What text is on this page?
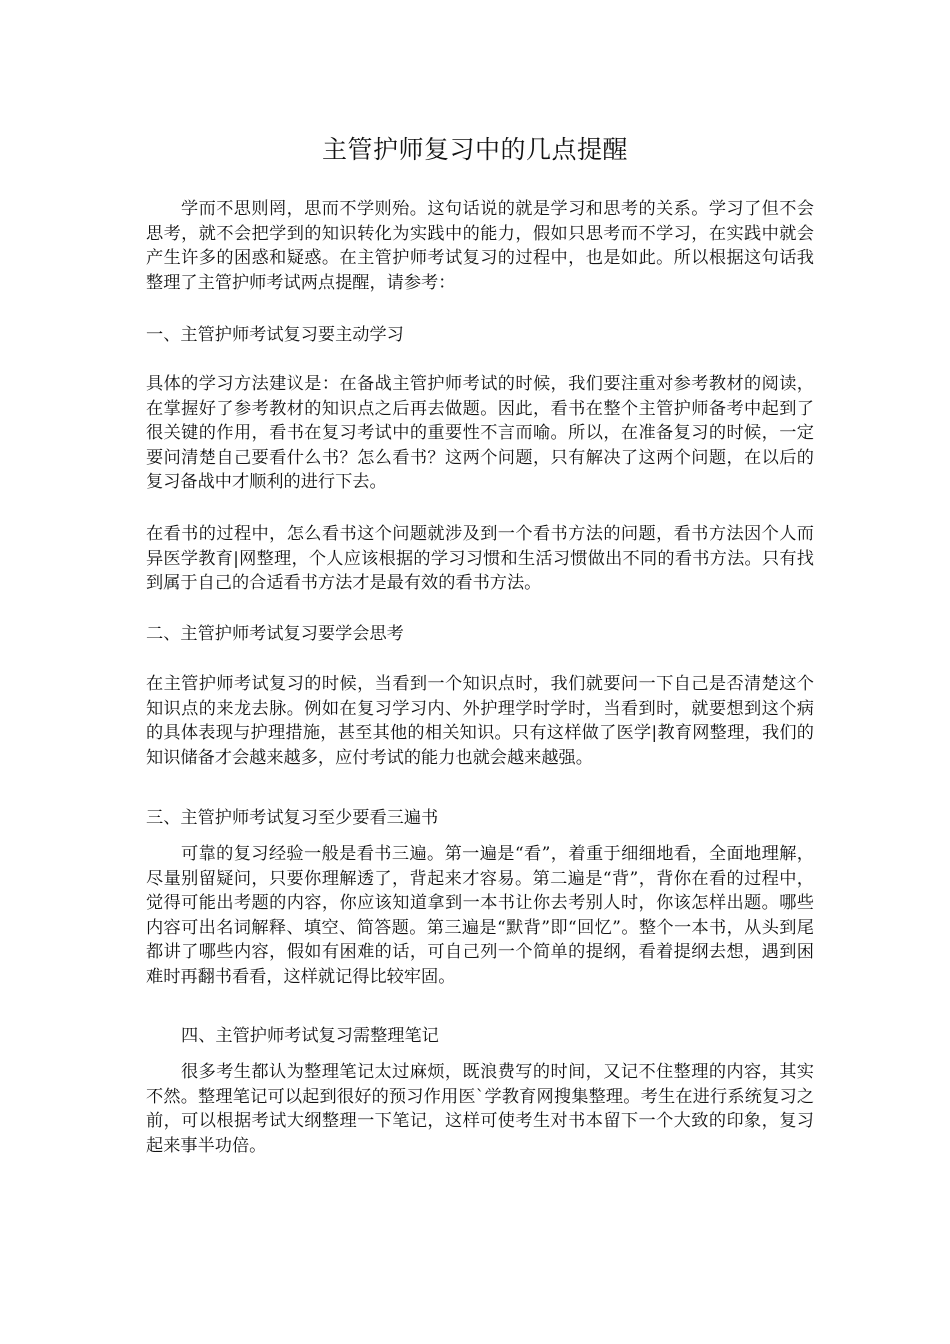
主管护师复习中的几点提醒

学而不思则罔，思而不学则殆。这句话说的就是学习和思考的关系。学习了但不会思考，就不会把学到的知识转化为实践中的能力，假如只思考而不学习，在实践中就会产生许多的困惑和疑惑。在主管护师考试复习的过程中，也是如此。所以根据这句话我整理了主管护师考试两点提醒，请参考：

一、主管护师考试复习要主动学习

具体的学习方法建议是：在备战主管护师考试的时候，我们要注重对参考教材的阅读，在掌握好了参考教材的知识点之后再去做题。因此，看书在整个主管护师备考中起到了很关键的作用，看书在复习考试中的重要性不言而喻。所以，在准备复习的时候，一定要问清楚自己要看什么书？怎么看书？这两个问题，只有解决了这两个问题，在以后的复习备战中才顺利的进行下去。

在看书的过程中，怎么看书这个问题就涉及到一个看书方法的问题，看书方法因个人而异医学教育|网整理，个人应该根据的学习习惯和生活习惯做出不同的看书方法。只有找到属于自己的合适看书方法才是最有效的看书方法。

二、主管护师考试复习要学会思考

在主管护师考试复习的时候，当看到一个知识点时，我们就要问一下自己是否清楚这个知识点的来龙去脉。例如在复习学习内、外护理学时学时，当看到时，就要想到这个病的具体表现与护理措施，甚至其他的相关知识。只有这样做了医学|教育网整理，我们的知识储备才会越来越多，应付考试的能力也就会越来越强。

三、主管护师考试复习至少要看三遍书

可靠的复习经验一般是看书三遍。第一遍是“看”，着重于细细地看，全面地理解，尽量别留疑问，只要你理解透了，背起来才容易。第二遍是“背”，背你在看的过程中，觉得可能出考题的内容，你应该知道拿到一本书让你去考别人时，你该怎样出题。哪些内容可出名词解释、填空、简答题。第三遍是“默背”即“回忆”。整个一本书，从头到尾都讲了哪些内容，假如有困难的话，可自己列一个简单的提纲，看着提纲去想，遇到困难时再翻书看看，这样就记得比较牢固。

四、主管护师考试复习需整理笔记

很多考生都认为整理笔记太过麻烦，既浪费写的时间，又记不住整理的内容，其实不然。整理笔记可以起到很好的预习作用医`学教育网搜集整理。考生在进行系统复习之前，可以根据考试大纲整理一下笔记，这样可使考生对书本留下一个大致的印象，复习起来事半功倍。
